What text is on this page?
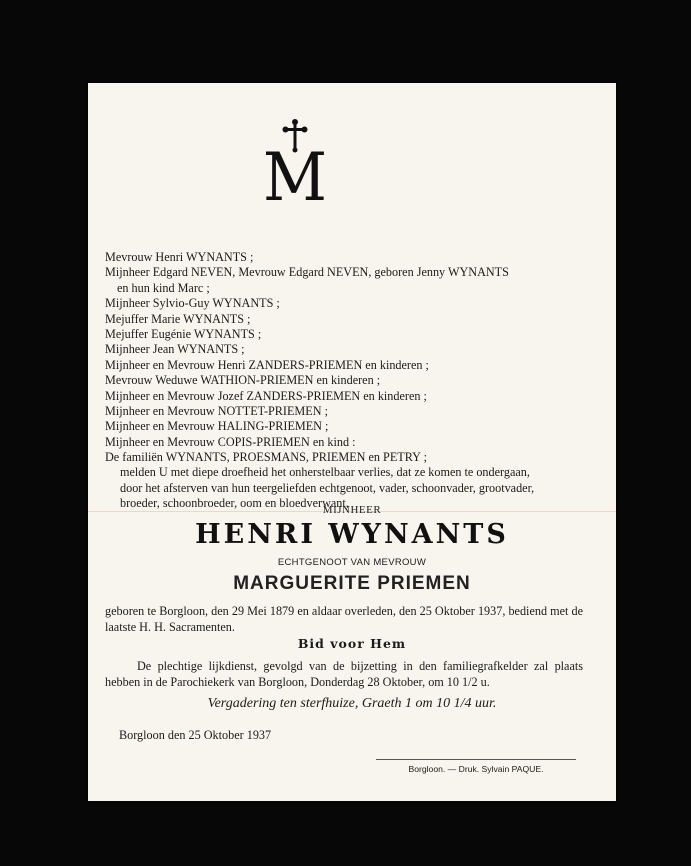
M
Mevrouw Henri WYNANTS ;
Mijnheer Edgard NEVEN, Mevrouw Edgard NEVEN, geboren Jenny WYNANTS
en hun kind Marc ;
Mijnheer Sylvio-Guy WYNANTS ;
Mejuffer Marie WYNANTS ;
Mejuffer Eugénie WYNANTS ;
Mijnheer Jean WYNANTS ;
Mijnheer en Mevrouw Henri ZANDERS-PRIEMEN en kinderen ;
Mevrouw Weduwe WATHION-PRIEMEN en kinderen ;
Mijnheer en Mevrouw Jozef ZANDERS-PRIEMEN en kinderen ;
Mijnheer en Mevrouw NOTTET-PRIEMEN ;
Mijnheer en Mevrouw HALING-PRIEMEN ;
Mijnheer en Mevrouw COPIS-PRIEMEN en kind :
De familiën WYNANTS, PROESMANS, PRIEMEN en PETRY ;
melden U met diepe droefheid het onherstelbaar verlies, dat ze komen te ondergaan,
door het afsterven van hun teergeliefden echtgenoot, vader, schoonvader, grootvader,
broeder, schoonbroeder, oom en bloedverwant,
MIJNHEER
HENRI WYNANTS
ECHTGENOOT VAN MEVROUW
MARGUERITE PRIEMEN
geboren te Borgloon, den 29 Mei 1879 en aldaar overleden, den 25 Oktober 1937, bediend met de laatste H. H. Sacramenten.
Bid voor Hem
De plechtige lijkdienst, gevolgd van de bijzetting in den familiegrafkelder zal plaats hebben in de Parochiekerk van Borgloon, Donderdag 28 Oktober, om 10 1/2 u.
Vergadering ten sterfhuize, Graeth 1 om 10 1/4 uur.
Borgloon den 25 Oktober 1937
Borgloon. — Druk. Sylvain PAQUE.
